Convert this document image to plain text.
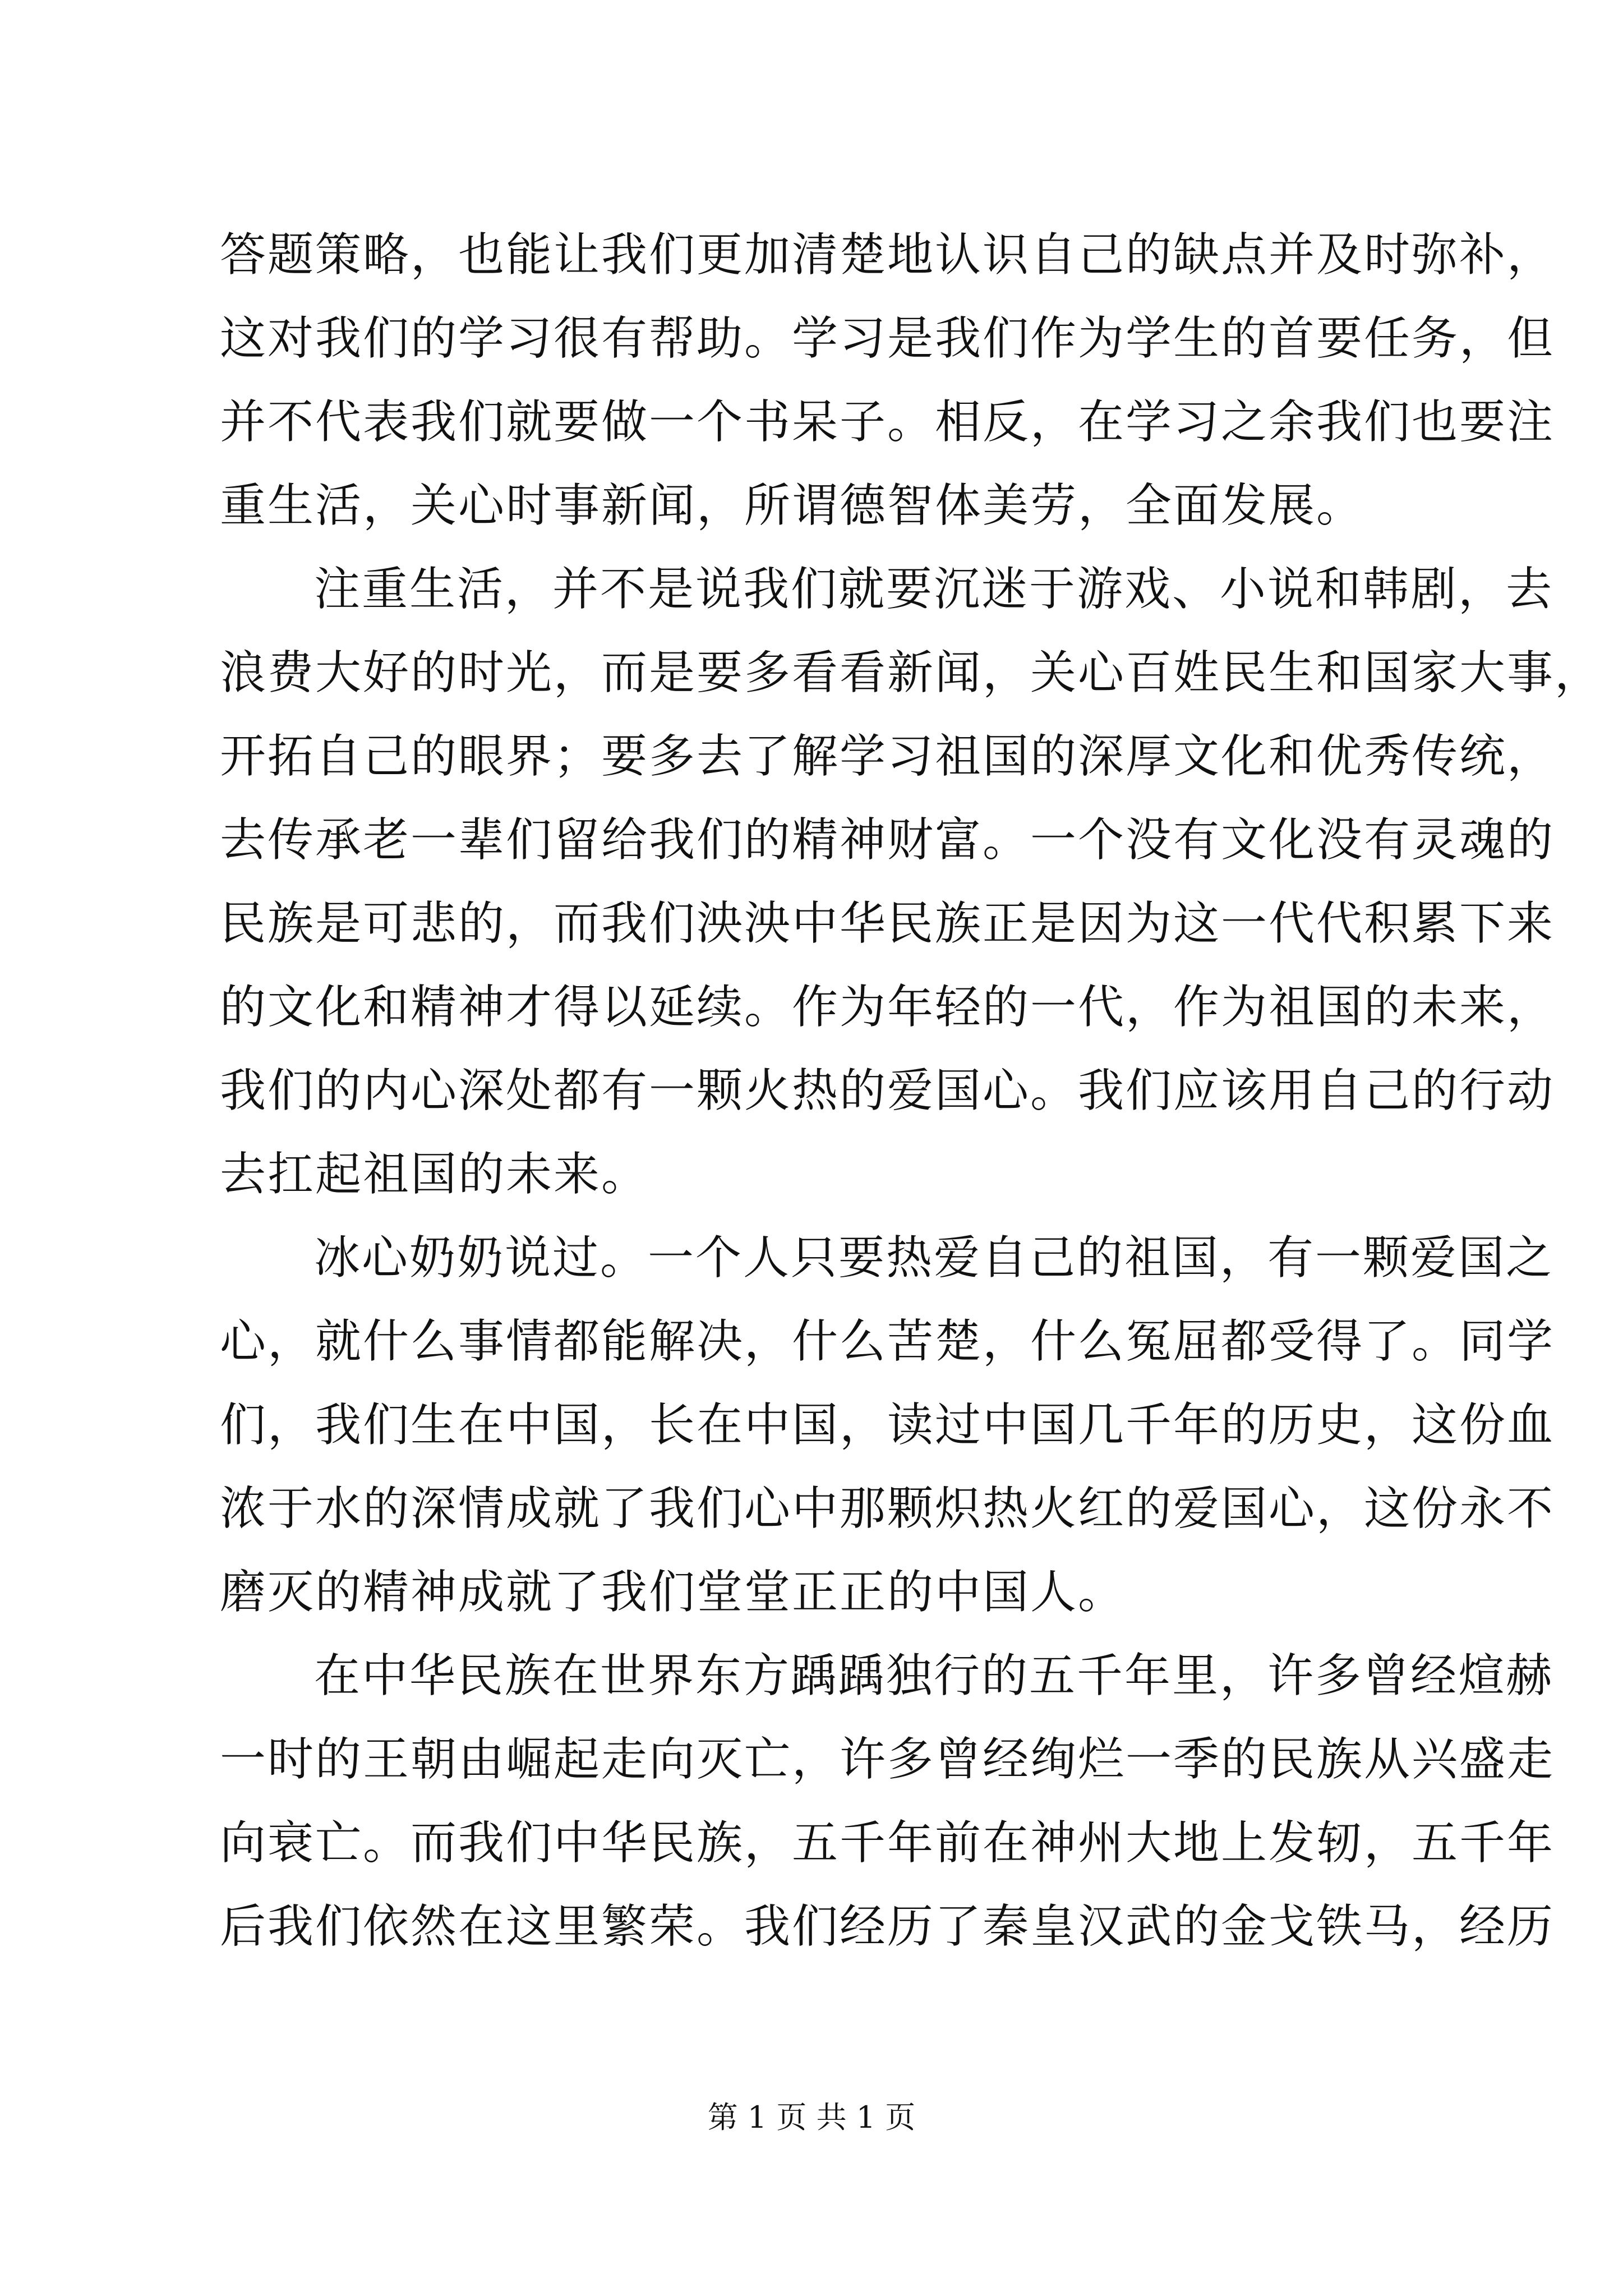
答题策略，也能让我们更加清楚地认识自己的缺点并及时弥补，
这对我们的学习很有帮助。学习是我们作为学生的首要任务，但
并不代表我们就要做一个书呆子。相反，在学习之余我们也要注
重生活，关心时事新闻，所谓德智体美劳，全面发展。
注重生活，并不是说我们就要沉迷于游戏、小说和韩剧，去
浪费大好的时光，而是要多看看新闻，关心百姓民生和国家大事，
开拓自己的眼界；要多去了解学习祖国的深厚文化和优秀传统，
去传承老一辈们留给我们的精神财富。一个没有文化没有灵魂的
民族是可悲的，而我们泱泱中华民族正是因为这一代代积累下来
的文化和精神才得以延续。作为年轻的一代，作为祖国的未来，
我们的内心深处都有一颗火热的爱国心。我们应该用自己的行动
去扛起祖国的未来。
冰心奶奶说过。一个人只要热爱自己的祖国，有一颗爱国之
心，就什么事情都能解决，什么苦楚，什么冤屈都受得了。同学
们，我们生在中国，长在中国，读过中国几千年的历史，这份血
浓于水的深情成就了我们心中那颗炽热火红的爱国心，这份永不
磨灭的精神成就了我们堂堂正正的中国人。
在中华民族在世界东方踽踽独行的五千年里，许多曾经煊赫
一时的王朝由崛起走向灭亡，许多曾经绚烂一季的民族从兴盛走
向衰亡。而我们中华民族，五千年前在神州大地上发轫，五千年
后我们依然在这里繁荣。我们经历了秦皇汉武的金戈铁马，经历
第 1 页 共 1 页
